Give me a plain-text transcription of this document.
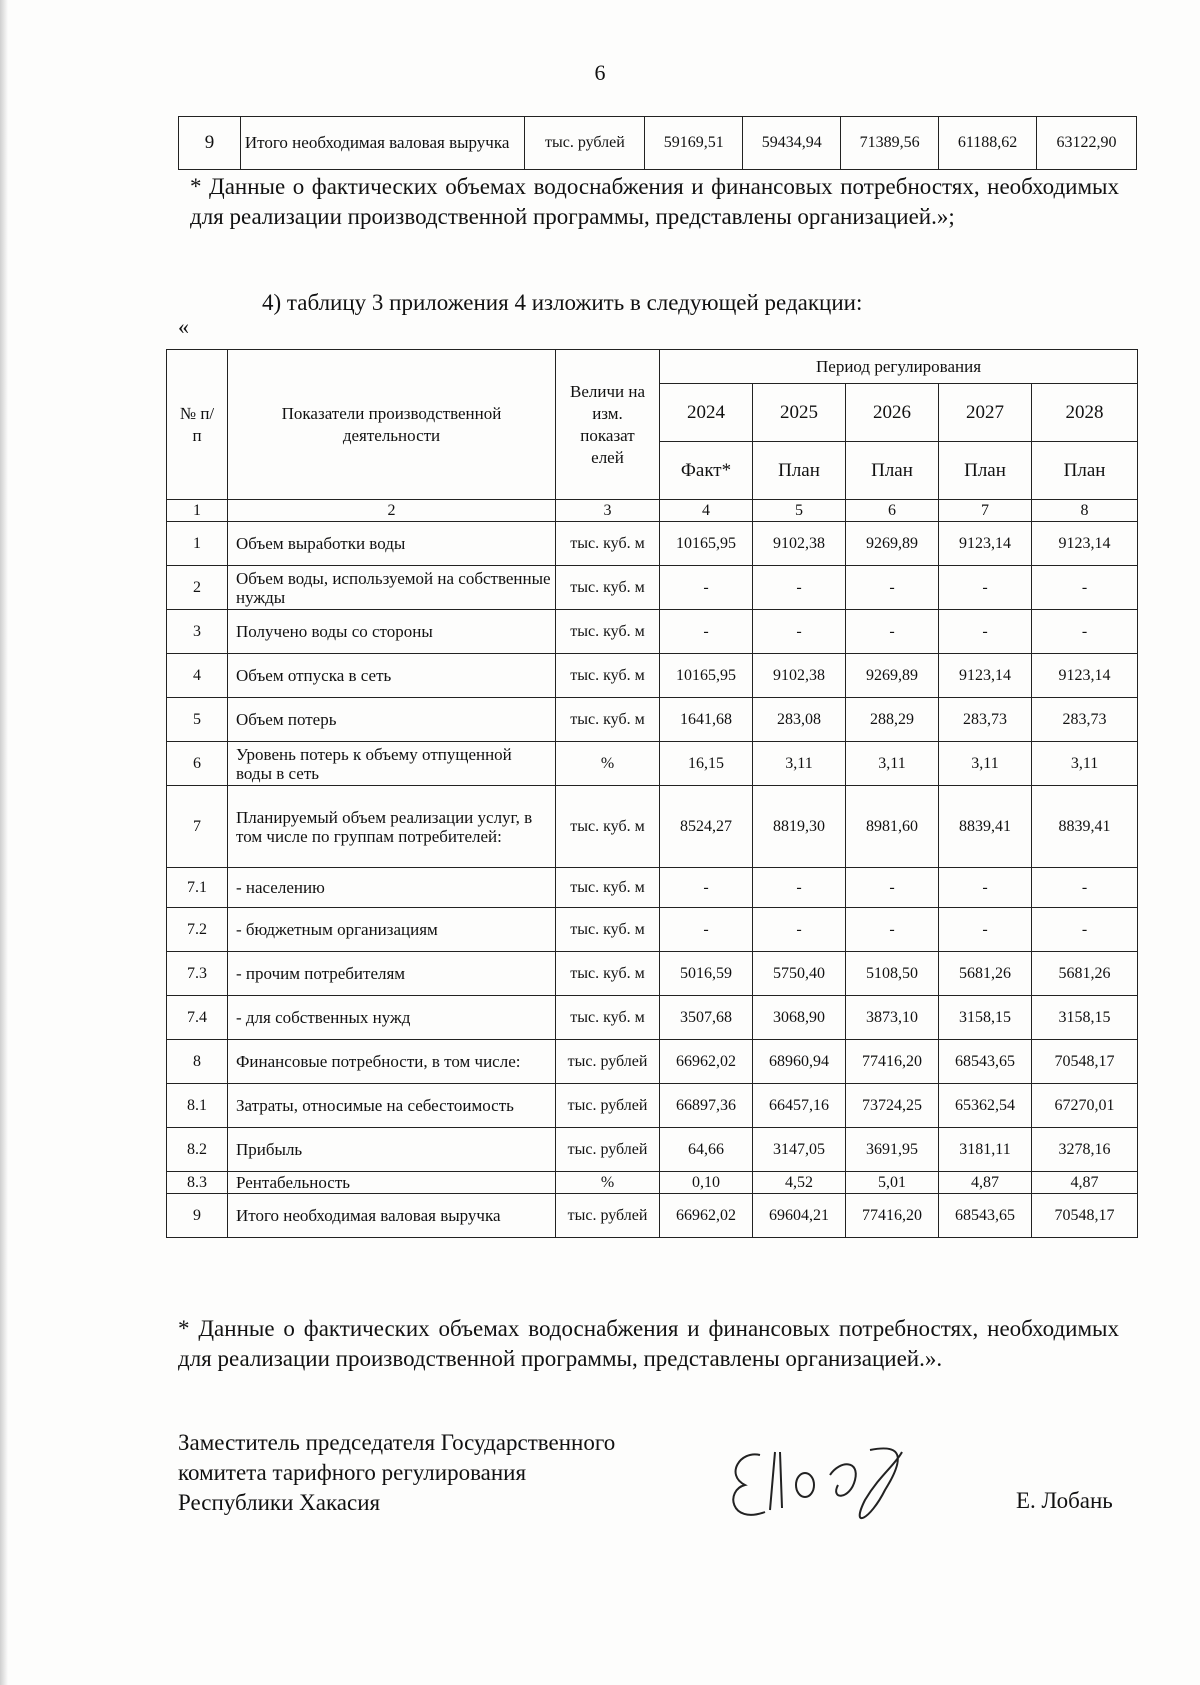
6
9	Итого необходимая валовая выручка	тыс. рублей	59169,51	59434,94	71389,56	61188,62	63122,90
* Данные о фактических объемах водоснабжения и финансовых потребностях, необходимых для реализации производственной программы, представлены организацией.»;
4) таблицу 3 приложения 4 изложить в следующей редакции:
«
№ п/п	Показатели производственной деятельности	Величи на изм. показат елей	Период регулирования				
			2024	2025	2026	2027	2028
			Факт*	План	План	План	План
1	2	3	4	5	6	7	8
1	Объем выработки воды	тыс. куб. м	10165,95	9102,38	9269,89	9123,14	9123,14
2	Объем воды, используемой на собственные нужды	тыс. куб. м	-	-	-	-	-
3	Получено воды со стороны	тыс. куб. м	-	-	-	-	-
4	Объем отпуска в сеть	тыс. куб. м	10165,95	9102,38	9269,89	9123,14	9123,14
5	Объем потерь	тыс. куб. м	1641,68	283,08	288,29	283,73	283,73
6	Уровень потерь к объему отпущенной воды в сеть	%	16,15	3,11	3,11	3,11	3,11
7	Планируемый объем реализации услуг, в том числе по группам потребителей:	тыс. куб. м	8524,27	8819,30	8981,60	8839,41	8839,41
7.1	- населению	тыс. куб. м	-	-	-	-	-
7.2	- бюджетным организациям	тыс. куб. м	-	-	-	-	-
7.3	- прочим потребителям	тыс. куб. м	5016,59	5750,40	5108,50	5681,26	5681,26
7.4	- для собственных нужд	тыс. куб. м	3507,68	3068,90	3873,10	3158,15	3158,15
8	Финансовые потребности, в том числе:	тыс. рублей	66962,02	68960,94	77416,20	68543,65	70548,17
8.1	Затраты, относимые на себестоимость	тыс. рублей	66897,36	66457,16	73724,25	65362,54	67270,01
8.2	Прибыль	тыс. рублей	64,66	3147,05	3691,95	3181,11	3278,16
8.3	Рентабельность	%	0,10	4,52	5,01	4,87	4,87
9	Итого необходимая валовая выручка	тыс. рублей	66962,02	69604,21	77416,20	68543,65	70548,17
* Данные о фактических объемах водоснабжения и финансовых потребностях, необходимых для реализации производственной программы, представлены организацией.».
Заместитель председателя Государственного
комитета тарифного регулирования
Республики Хакасия	Е. Лобань
